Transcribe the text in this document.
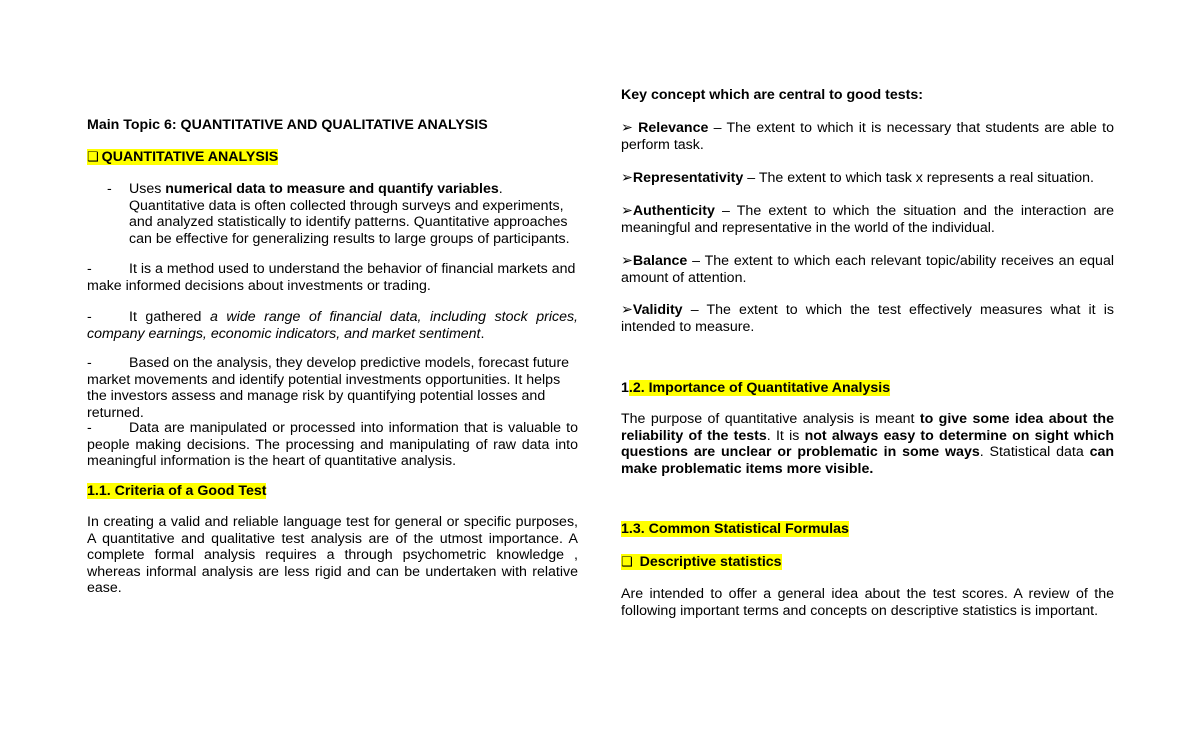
Main Topic 6: QUANTITATIVE AND QUALITATIVE ANALYSIS
❑ QUANTITATIVE ANALYSIS
- Uses numerical data to measure and quantify variables. Quantitative data is often collected through surveys and experiments, and analyzed statistically to identify patterns. Quantitative approaches can be effective for generalizing results to large groups of participants.
-	It is a method used to understand the behavior of financial markets and make informed decisions about investments or trading.
-	It gathered a wide range of financial data, including stock prices, company earnings, economic indicators, and market sentiment.
-	Based on the analysis, they develop predictive models, forecast future market movements and identify potential investments opportunities. It helps the investors assess and manage risk by quantifying potential losses and returned.
-	Data are manipulated or processed into information that is valuable to people making decisions. The processing and manipulating of raw data into meaningful information is the heart of quantitative analysis.
1.1. Criteria of a Good Test
In creating a valid and reliable language test for general or specific purposes, A quantitative and qualitative test analysis are of the utmost importance. A complete formal analysis requires a through psychometric knowledge , whereas informal analysis are less rigid and can be undertaken with relative ease.
Key concept which are central to good tests:
➢ Relevance – The extent to which it is necessary that students are able to perform task.
➢Representativity – The extent to which task x represents a real situation.
➢Authenticity – The extent to which the situation and the interaction are meaningful and representative in the world of the individual.
➢Balance – The extent to which each relevant topic/ability receives an equal amount of attention.
➢Validity – The extent to which the test effectively measures what it is intended to measure.
1.2. Importance of Quantitative Analysis
The purpose of quantitative analysis is meant to give some idea about the reliability of the tests. It is not always easy to determine on sight which questions are unclear or problematic in some ways. Statistical data can make problematic items more visible.
1.3. Common Statistical Formulas
❑ Descriptive statistics
Are intended to offer a general idea about the test scores. A review of the following important terms and concepts on descriptive statistics is important.
